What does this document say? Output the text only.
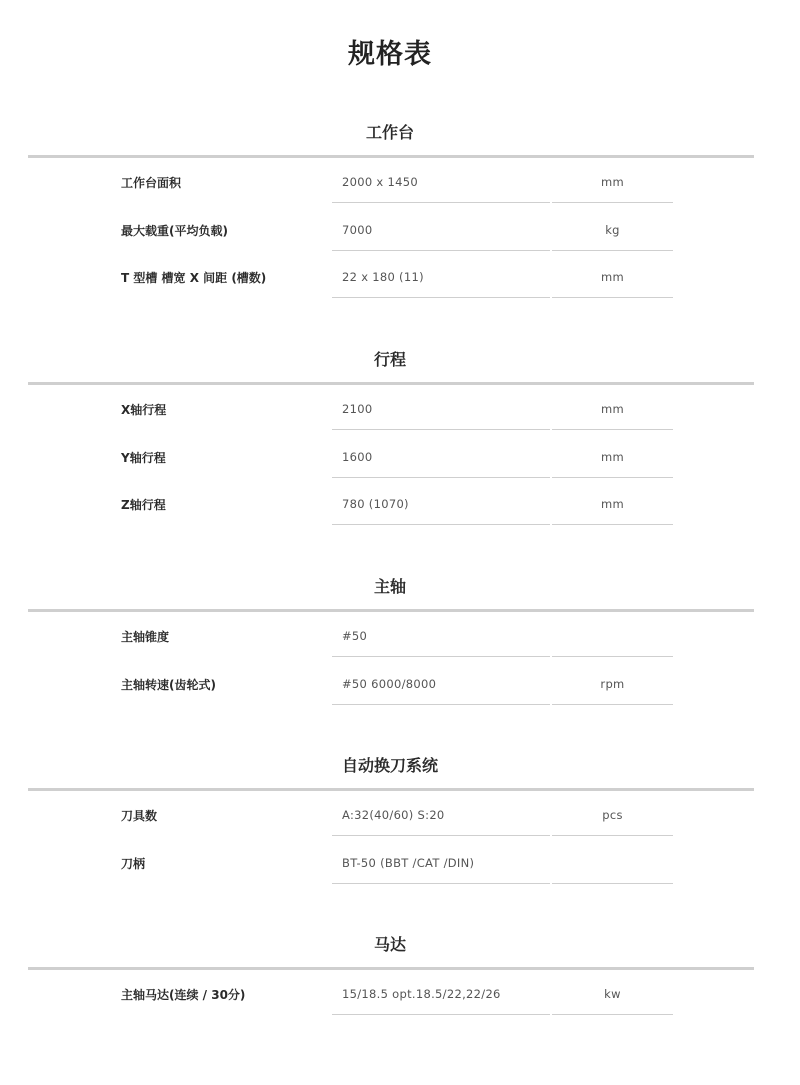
规格表
工作台
工作台面积	2000 x 1450	mm
最大载重(平均负载)	7000	kg
T 型槽 槽宽 X 间距 (槽数)	22 x 180 (11)	mm
行程
X轴行程	2100	mm
Y轴行程	1600	mm
Z轴行程	780 (1070)	mm
主轴
主轴锥度	#50
主轴转速(齿轮式)	#50 6000/8000	rpm
自动换刀系统
刀具数	A:32(40/60) S:20	pcs
刀柄	BT-50 (BBT /CAT /DIN)
马达
主轴马达(连续 / 30分)	15/18.5 opt.18.5/22,22/26	kw
